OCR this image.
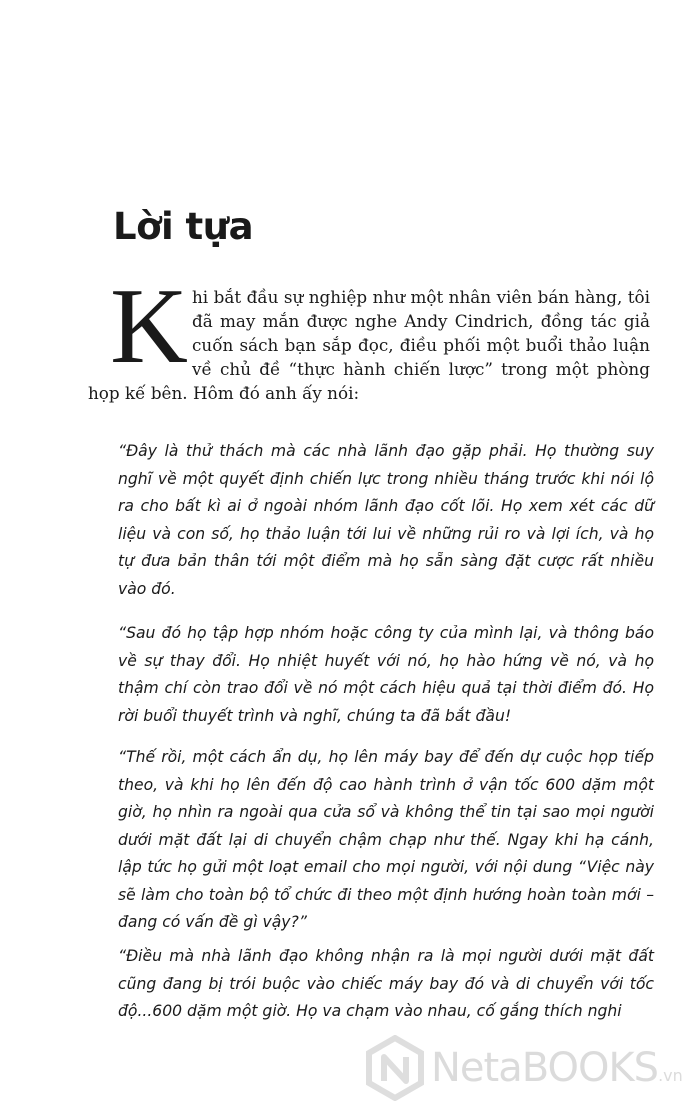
Lời tựa
K hi bắt đầu sự nghiệp như một nhân viên bán hàng, tôi đã may mắn được nghe Andy Cindrich, đồng tác giả cuốn sách bạn sắp đọc, điều phối một buổi thảo luận về chủ đề “thực hành chiến lược” trong một phòng họp kế bên. Hôm đó anh ấy nói:
“Đây là thử thách mà các nhà lãnh đạo gặp phải. Họ thường suy nghĩ về một quyết định chiến lực trong nhiều tháng trước khi nói lộ ra cho bất kì ai ở ngoài nhóm lãnh đạo cốt lõi. Họ xem xét các dữ liệu và con số, họ thảo luận tới lui về những rủi ro và lợi ích, và họ tự đưa bản thân tới một điểm mà họ sẵn sàng đặt cược rất nhiều vào đó.
“Sau đó họ tập hợp nhóm hoặc công ty của mình lại, và thông báo về sự thay đổi. Họ nhiệt huyết với nó, họ hào hứng về nó, và họ thậm chí còn trao đổi về nó một cách hiệu quả tại thời điểm đó. Họ rời buổi thuyết trình và nghĩ, chúng ta đã bắt đầu!
“Thế rồi, một cách ẩn dụ, họ lên máy bay để đến dự cuộc họp tiếp theo, và khi họ lên đến độ cao hành trình ở vận tốc 600 dặm một giờ, họ nhìn ra ngoài qua cửa sổ và không thể tin tại sao mọi người dưới mặt đất lại di chuyển chậm chạp như thế. Ngay khi hạ cánh, lập tức họ gửi một loạt email cho mọi người, với nội dung “Việc này sẽ làm cho toàn bộ tổ chức đi theo một định hướng hoàn toàn mới – đang có vấn đề gì vậy?”
“Điều mà nhà lãnh đạo không nhận ra là mọi người dưới mặt đất cũng đang bị trói buộc vào chiếc máy bay đó và di chuyển với tốc độ...600 dặm một giờ. Họ va chạm vào nhau, cố gắng thích nghi
NetaBOOKS.vn
